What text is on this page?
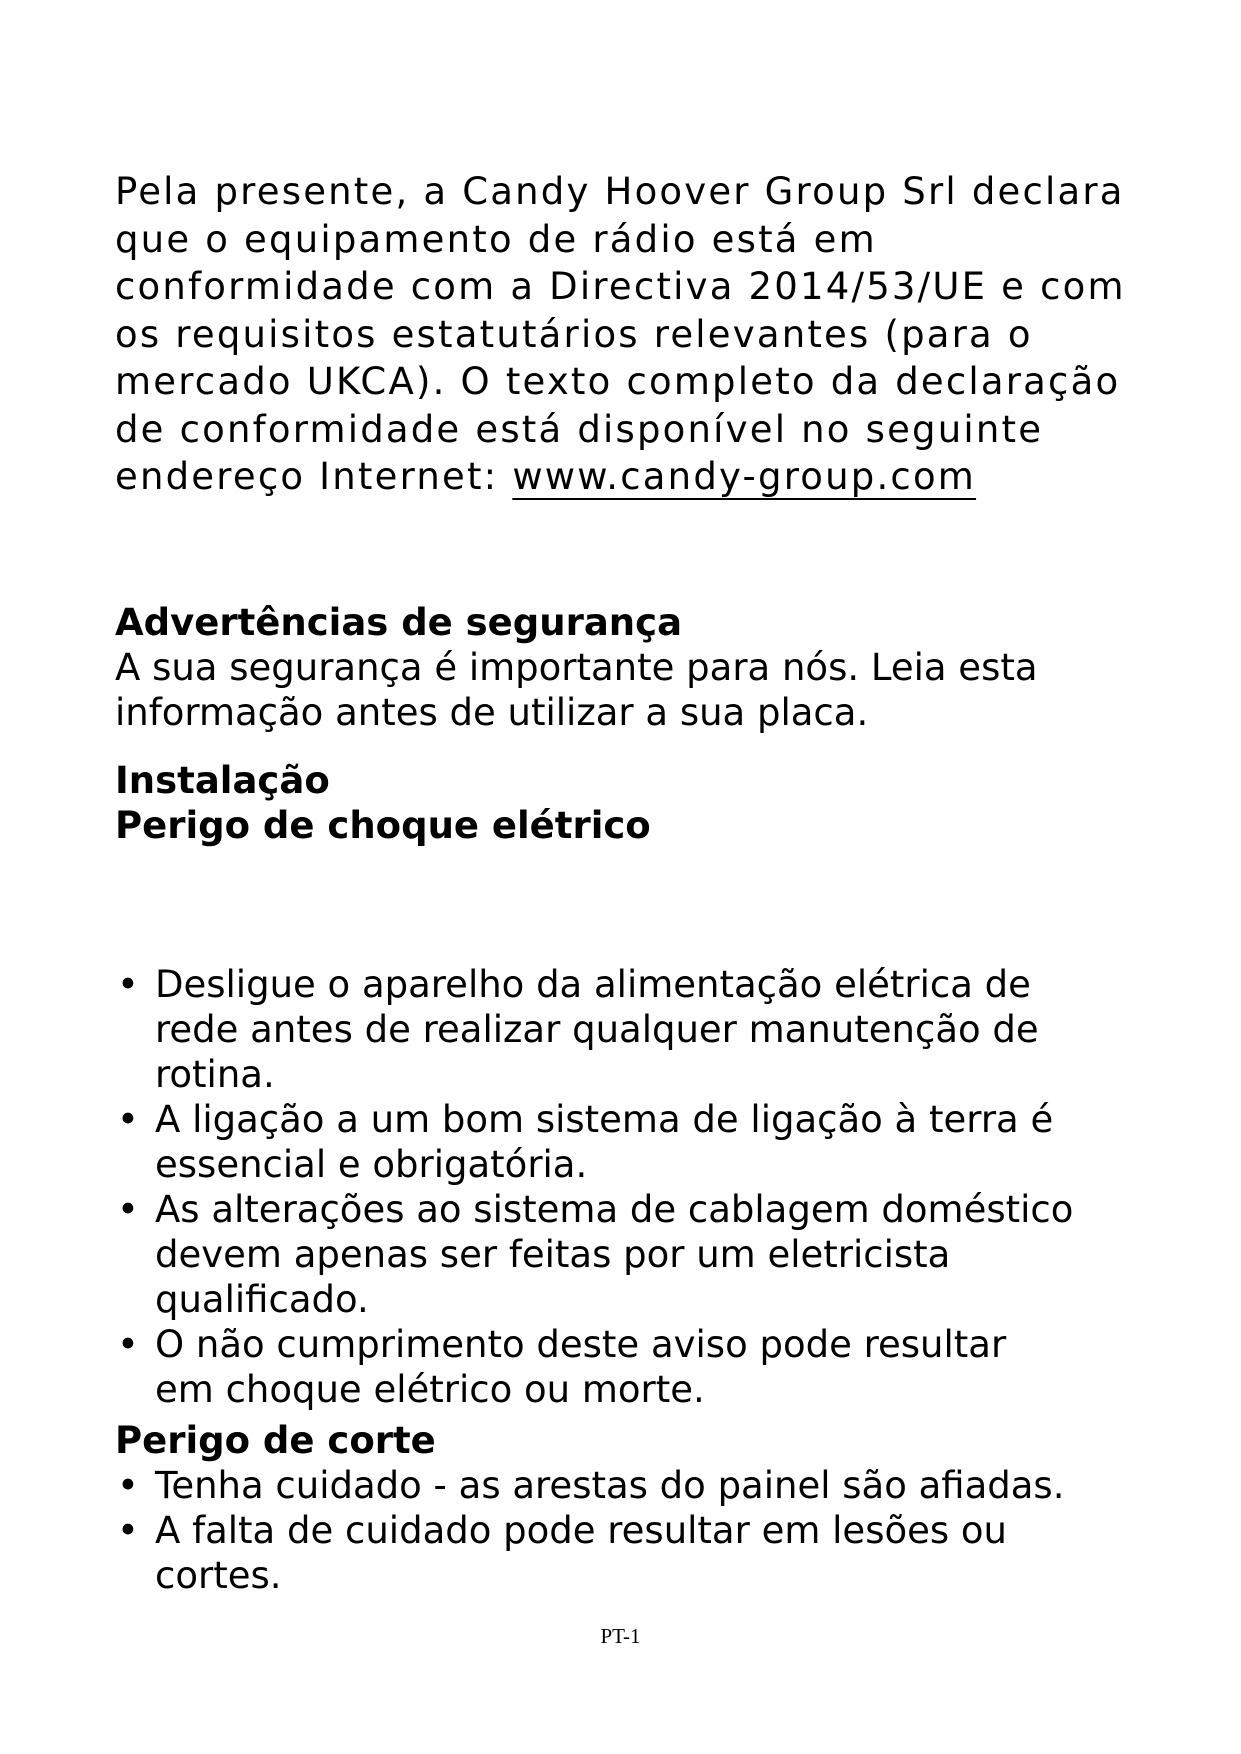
Pela presente, a Candy Hoover Group Srl declara
que o equipamento de rádio está em
conformidade com a Directiva 2014/53/UE e com
os requisitos estatutários relevantes (para o
mercado UKCA). O texto completo da declaração
de conformidade está disponível no seguinte
endereço Internet: www.candy-group.com

Advertências de segurança

A sua segurança é importante para nós. Leia esta
informação antes de utilizar a sua placa.

Instalação

Perigo de choque elétrico

• Desligue o aparelho da alimentação elétrica de
rede antes de realizar qualquer manutenção de
rotina.
• A ligação a um bom sistema de ligação à terra é
essencial e obrigatória.
• As alterações ao sistema de cablagem doméstico
devem apenas ser feitas por um eletricista
qualificado.
• O não cumprimento deste aviso pode resultar
em choque elétrico ou morte.

Perigo de corte

• Tenha cuidado - as arestas do painel são afiadas.
• A falta de cuidado pode resultar em lesões ou
cortes.
PT-1
